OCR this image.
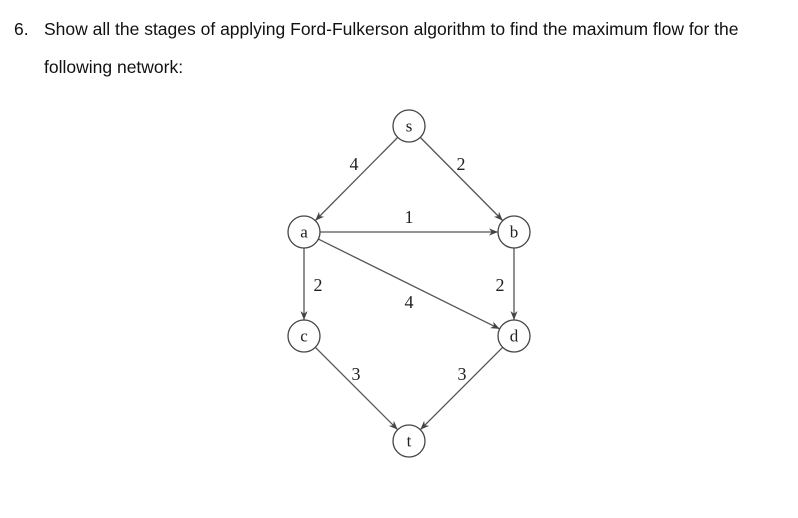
6. Show all the stages of applying Ford-Fulkerson algorithm to find the maximum flow for the following network:
s
a	b
c	d
t
4	2
1
2
4
2
3	3
